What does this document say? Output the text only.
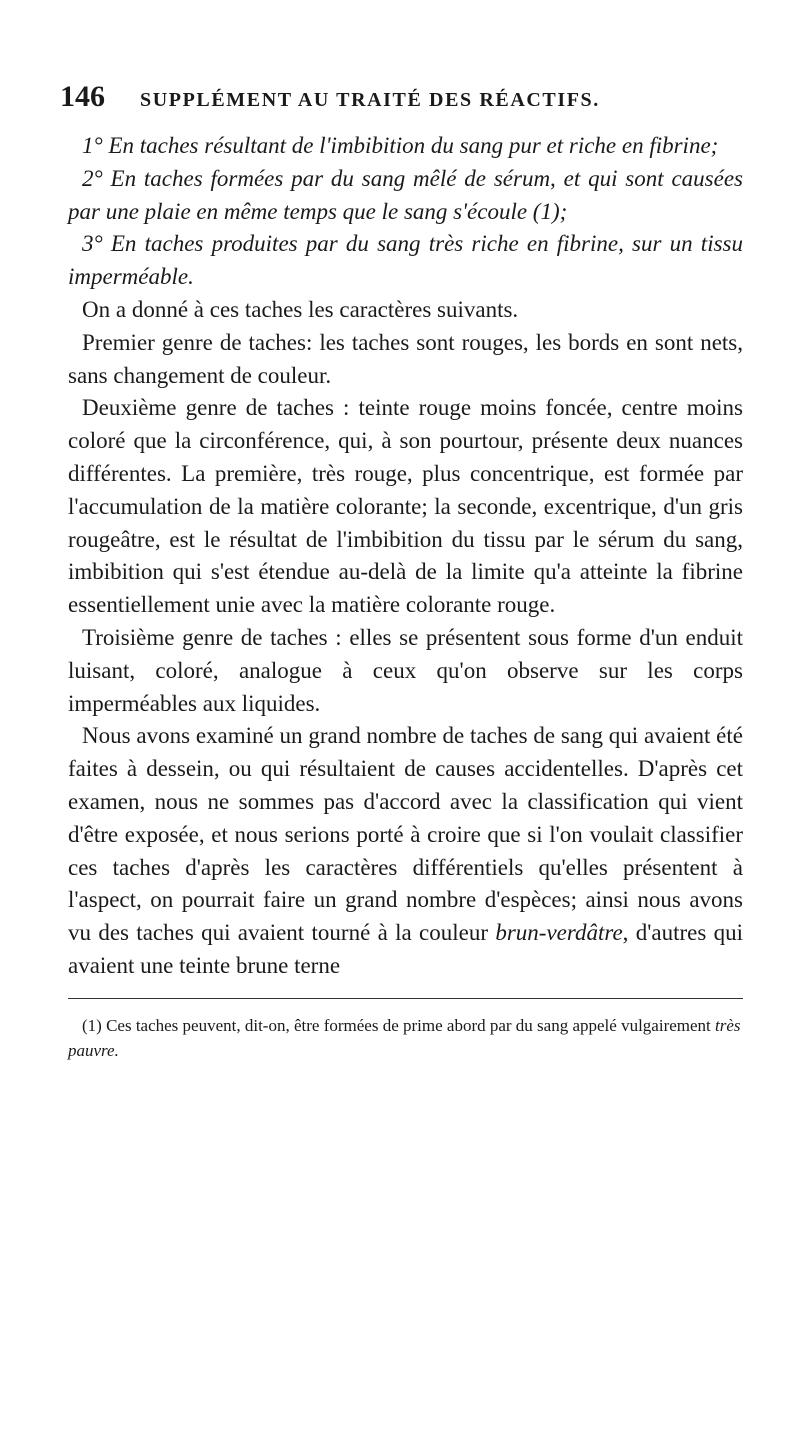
146	SUPPLÉMENT AU TRAITÉ DES RÉACTIFS.

1° En taches résultant de l'imbibition du sang pur et riche en fibrine;

2° En taches formées par du sang mêlé de sérum, et qui sont causées par une plaie en même temps que le sang s'écoule (1);

3° En taches produites par du sang très riche en fibrine, sur un tissu imperméable.

On a donné à ces taches les caractères suivants.

Premier genre de taches: les taches sont rouges, les bords en sont nets, sans changement de couleur.

Deuxième genre de taches : teinte rouge moins foncée, centre moins coloré que la circonférence, qui, à son pourtour, présente deux nuances différentes. La première, très rouge, plus concentrique, est formée par l'accumulation de la matière colorante; la seconde, excentrique, d'un gris rougeâtre, est le résultat de l'imbibition du tissu par le sérum du sang, imbibition qui s'est étendue au-delà de la limite qu'a atteinte la fibrine essentiellement unie avec la matière colorante rouge.

Troisième genre de taches : elles se présentent sous forme d'un enduit luisant, coloré, analogue à ceux qu'on observe sur les corps imperméables aux liquides.

Nous avons examiné un grand nombre de taches de sang qui avaient été faites à dessein, ou qui résultaient de causes accidentelles. D'après cet examen, nous ne sommes pas d'accord avec la classification qui vient d'être exposée, et nous serions porté à croire que si l'on voulait classifier ces taches d'après les caractères différentiels qu'elles présentent à l'aspect, on pourrait faire un grand nombre d'espèces; ainsi nous avons vu des taches qui avaient tourné à la couleur brun-verdâtre, d'autres qui avaient une teinte brune terne

(1) Ces taches peuvent, dit-on, être formées de prime abord par du sang appelé vulgairement très pauvre.
